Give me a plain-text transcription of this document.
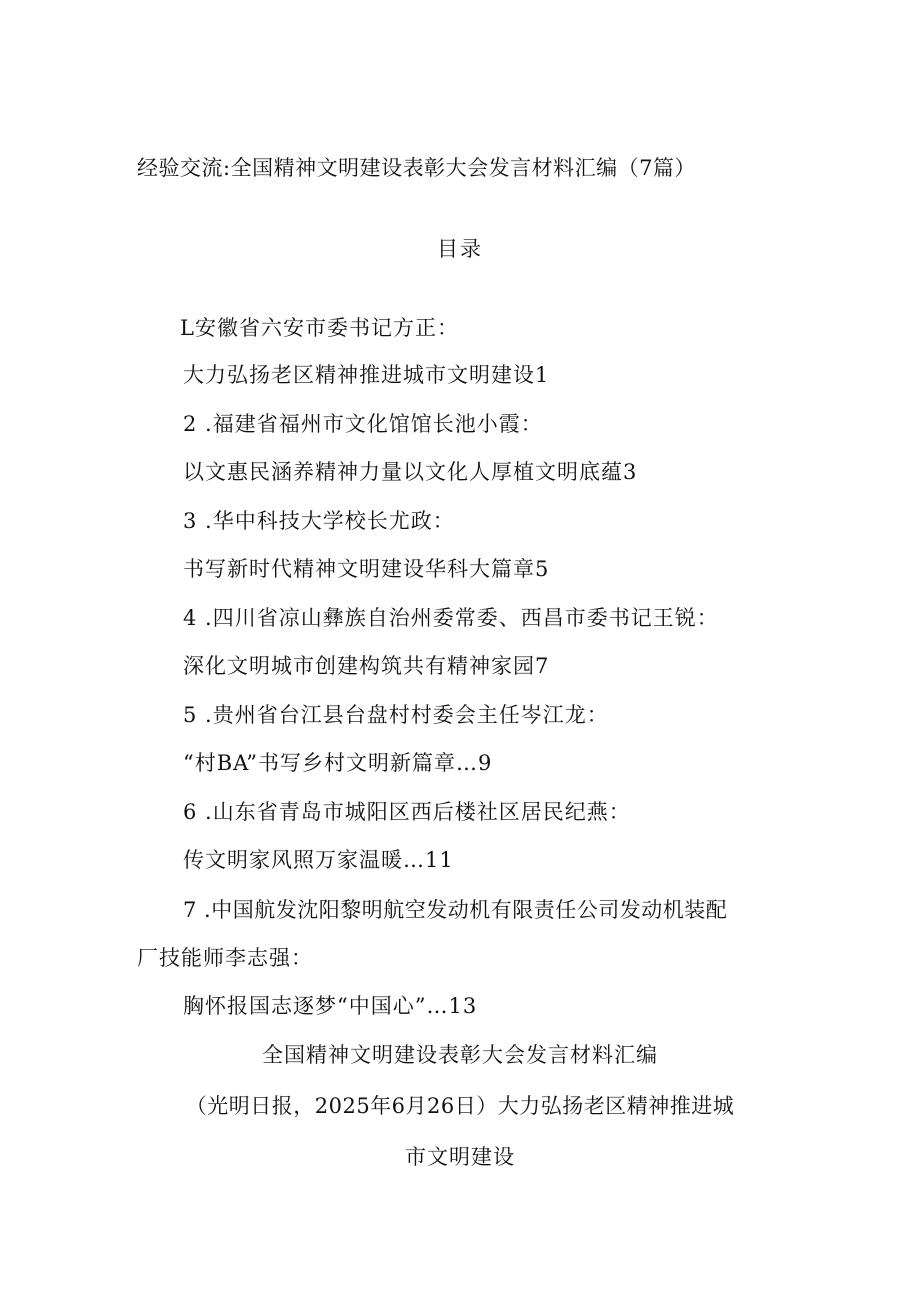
经验交流:全国精神文明建设表彰大会发言材料汇编（7篇）
目录
L安徽省六安市委书记方正：
大力弘扬老区精神推进城市文明建设1
2 .福建省福州市文化馆馆长池小霞：
以文惠民涵养精神力量以文化人厚植文明底蕴3
3 .华中科技大学校长尤政：
书写新时代精神文明建设华科大篇章5
4 .四川省凉山彝族自治州委常委、西昌市委书记王锐：
深化文明城市创建构筑共有精神家园7
5 .贵州省台江县台盘村村委会主任岑江龙：
“村BA”书写乡村文明新篇章…9
6 .山东省青岛市城阳区西后楼社区居民纪燕：
传文明家风照万家温暖…11
7 .中国航发沈阳黎明航空发动机有限责任公司发动机装配
厂技能师李志强：
胸怀报国志逐梦“中国心”…13
全国精神文明建设表彰大会发言材料汇编
（光明日报，2025年6月26日）大力弘扬老区精神推进城
市文明建设
